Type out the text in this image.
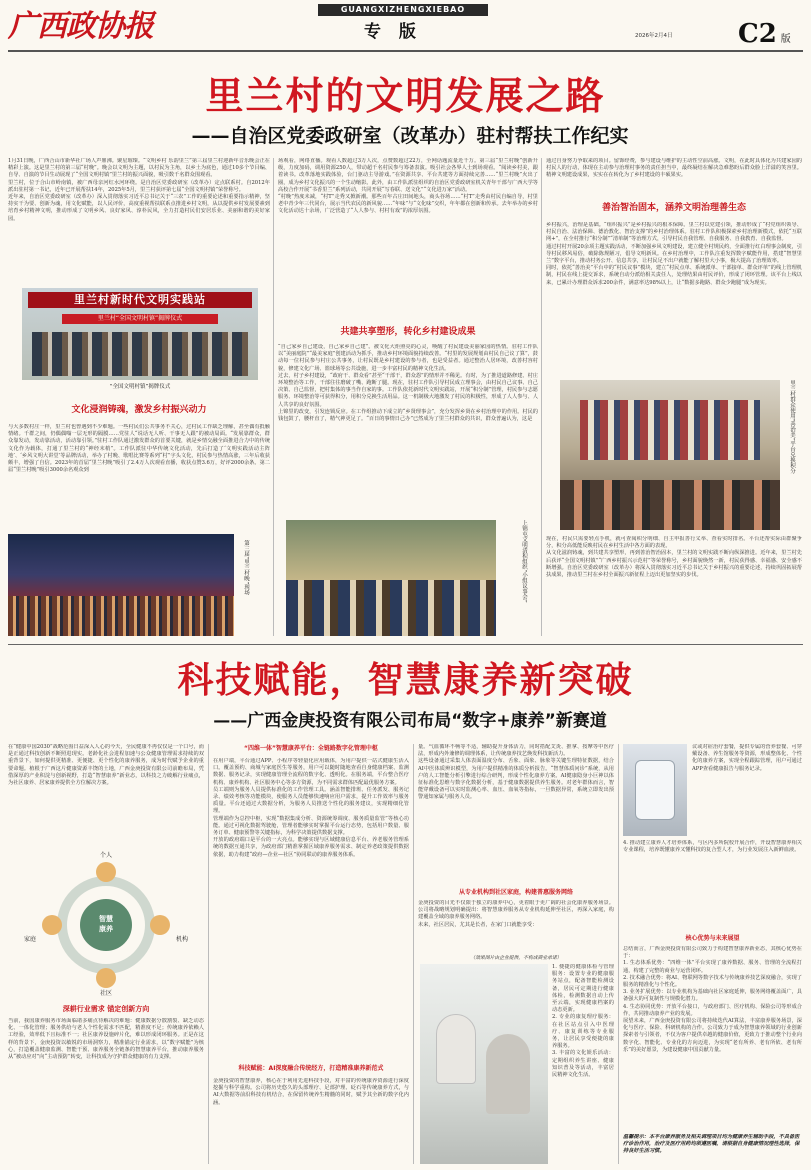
广西政协报	GUANGXIZHENGXIEBAO
专 版	2026年2月4日	C2 版
里兰村的文明发展之路
——自治区党委政研室（改革办）驻村帮扶工作纪实

1月31日晚，广西合山市新华社广场人声鼎沸。聚星璀璨。“文明乡村 乐韵里兰”第三届里兰村迎新年音乐晚会正在精彩上演。这是里兰村的第三届“村晚”。晚会以文明为主题，以村民为主角，以乡土为底色，通过10多个节目编、自导、自演的节目生动展现了“全国文明村镇”里兰村的振兴面貌，吸引数千名群众围观看。

里兰村，位于合山市岭南镇，被广西母亲河红水河环绕。是自治区党委政研室（改革办）定点联系村。自2012年派出驻村第一书记，近年已开展帮扶14年，2025年5月，里兰村获评第七届“全国文明村镇”荣誉称号。

近年来，自治区党委政研室（改革办）深入贯彻落实习近平总书记关于“三农”工作的重要论述和重要指示精神，坚持实干为要、创新为魂，用文化赋能，以人民评价，高度重视帮扶联系点推进乡村文明，从以提供乡村发展要素到培育乡村精神文明，推动形成了文明乡风、良好家风、淳朴民风，全力打造村民们安居乐业、美丽和谐的美好家园。

里兰村新时代文明实践站
里兰村“全国文明村镇”揭牌仪式
“全国文明村镇”揭牌仪式
文化浸润铸魂，激发乡村振兴动力
与大多数村庄一样，里兰村也曾遇到不少难题。一些村民们公共事务不关心，过村民工作缺乏理解，甚至偶有抵触情绪。千群之间，仍偶偶嗡一层无形的隔膜……党驻人“说话无人听、干事无人跟”的被动局面。“发展靠群众，群众靠发动，发动靠活动，活动靠引领。”驻村工作队通过激发群众的首要关键，就是乡情交融全面推进合力中的传统文化作为载体，打通了里兰村的“神经末梢”。工作队派驻中华传统文化活动，先后打造了‘文明实践活动主阵地’、‘乡风文明大讲堂’等品牌活动，举办了村晚、歌唱比赛等系列“村”字头文化，村民参与热情高涨，三年后收获颇丰，增强了自信。2023年的首届“里兰村晚”吸引了2.4万人次观看直播，收获点赞3.6万，好评2000余条。第二届“里兰村晚”吸引3000余名观众到
第三届“里兰村晚”现场

场观看，网络直播。观看人数超过3万人次，点赞数超过22万，全网话题流量近千万。第三届“里兰村晚”创新升级，力度加码，调用资源250人，带动超千名村民参与筹备表演。吸引社会各界人士到场观看。“阅读乡村美，跟着读书。改革落地实践体验，台门驱动主导游戏。”在资源共享、平台共建等方面持续完善……“里兰村晚”火出了圈，成为乡村文化振兴的一个生动缩影。此外，由工作队派驻组织的自治区党委政研室机关青年干部与广西大学等高校合作开展“书香里兰”系列活动，共同开展“写春联、送文化”“文化进万家”活动。

“村晚”热度未减，“村T”走秀又掀新潮。那些百年古庄田间地头，商头谷场……“村T”走秀由村民自编自导，村里老中青少年三代同台，展示当代农民的新风貌……“年味”与“文化味”交织，年年都在创新和传承。去年举办的乡村文化活动达十余场，广泛营造了“人人参与、村村有戏”的浓厚氛围。

共建共享塑形，转化乡村建设成果

“自己家乡自己建设，自己家乡自己建”。被文化大炬照亮的心灵，唤醒了村民建设美丽家园的热情。驻村工作队以“美丽庭院”“最美家庭”创建活动为抓手，推动乡村环境面貌持续改善。“村里的发展规划由村民自己议了算”，鼓动每一位村民参与村庄公共事务，让村民既是乡村建设的参与者，也是受益者。通过整治人居环境，改善村容村貌，修建文化广场、篮球场等公共设施，进一步丰富村民的精神文化生活。

过去，村子乡村建设，“政府干、群众看”甚至“干部干，群众怨”的情形并不稀见。有时，为了推进道路修建、村庄环境整治等工作，干部往往磨破了嘴、跑断了腿。现在，驻村工作队引导村民成立理事会，由村民自己议事、自己决策、自己监督，把村集体的事当作自家的事。工作队依托新时代文明实践站，开展“积分制”管理，村民参与志愿服务、环境整治等可获得积分，用积分兑换生活用品。这一机制极大地激发了村民的积极性，形成了人人参与、人人共享的良好氛围。

上锦里的改变，引发连锁反应。在工作组推动下成立的“乡贤理事会”，充分发挥乡贤在乡村治理中的作用。村民的钱包鼓了，腰杆直了，精气神更足了。“百日的事情日己办”已然成为了里兰村群众的共识，群众普遍认为，这是

上锦屯文明清积组织“小组议事会”
通过自身努力争取来的项目。留饰经费，参与建设与维护的主动性空前高涨。文明，在此时具体化为共建家园的村民人的行动，体现在主动参与治理村事务的责任担当中，最终凝结在解决急难愁盼后群众脸上洋溢的笑容里。精神文明建设成果，实实在在转化为了乡村建设的丰硕果实。
善治智治固本，涵养文明治理善生态

乡村振兴，治理是基础。“组织振兴”是乡村振兴的根本保障。里兰村以党建引领，推动形成了“村党组织领导、村民自治、法治保障、德治教化、智治支撑”的乡村治理体系。驻村工作队积极探索乡村治理新模式，依托“互联网+”，在全村推行“积分制”“清单制”等治理方式，引导村民自我管理、自我服务、自我教育、自我监督。

通过村村开展20余项主题实践活动，不断加强乡风文明建设，建立健全村规民约，全面推行红白理事会制度，引导村民移风易俗，破除陈规陋习，倡导文明新风。在乡村治理中，工作队注重发挥数字赋能作用，搭建“智慧里兰”数字平台，推动村务公开、信息共享，让村民足不出户就能了解村里大小事，极大提高了治理效率。

同时，依托“善治美”平台中的“村民议事”模块，建立“村民点单、系统派单、干部接单、群众评单”的线上管理机制，村民在线上提交诉求，系统自动分派给相关责任人，处理结果由村民评价，形成了闭环管理。该平台上线以来，已累计办理群众诉求200余件，满意率达98%以上，让“数据多跑路、群众少跑腿”成为现实。

里兰村群众使用“善治美”平台兑换积分

现在，村民只需要轻点手机，就可查阅积分明细、自主申报善行义举、查看实时排名。平台还帮实际由群聚争分，积分高低能反映村民在乡村生活中各方面的表现。

从文化滋润铸魂，到共建共享塑形，再到善治智治固本，里兰村的文明实践不断向纵深推进。近年来，里兰村先后获评“全国文明村镇”“广西乡村振兴示范村”等荣誉称号，乡村面貌焕然一新，村民获得感、幸福感、安全感不断增强。自治区党委政研室（改革办）将深入贯彻落实习近平总书记关于乡村振兴的重要论述，持续巩固拓展帮扶成果，推动里兰村在乡村全面振兴新征程上迈出更加坚实的步伐。

科技赋能，智慧康养新突破
——广西金庚投资有限公司布局“数字+康养”新赛道
在“健康中国2030”战略范围日益深入人心的今天，全民健康不再仅仅是一个口号，而是正通过科技创新不断照进现实。老龄化社会进程加速与公众健康管理需求持续的双重背景下，如何提供更精准、更便捷、更个性化的康养服务，成为时代赋予企业的重要命题。植根于广西这片健康资源丰饶的土地，广西金庚投资有限公司前瞻布局，凭借深厚的产业积淀与创新视野，打造“智慧康养”新业态，以科技之力破解行业痛点，为社区康养、居家康养提供全方位解决方案。
个人
家庭	机构
社区
智慧
康养
深耕行业需求 锚定创新方向
当前，我国康养服务市场面临诸多痛点待解决的难题：健康数据分散割裂、缺乏动态化、一体化管理；服务供给与老人个性化需求不匹配，精准度不足；传统康养依赖人工经验，效率低下且标准不一；社区康养设施碎片化，难以形成闭环服务。正是在这样的背景下，金庚投资以敏锐的市场洞察力，精准锚定行业需求，以“数字赋能”为核心，打造覆盖健康监测、智能干预、康养服务全链条的智慧康养平台，推动康养服务从“被动应对”向“主动预防”转变，让科技成为守护群众健康的有力支撑。
“四维一体”智慧康养平台：全链路数字化管理中枢

在用户端，平台通过APP、小程序等轻量化应用载体，为用户提供一站式健康生活入口。覆盖预约、商城与家庭医生等服务，用户可以随时随地查看自身健康档案、监测数据、服务记录，实现健康管理全流程的数字化、透明化。在服务端，平台整合医疗机构、康养机构、社区服务中心等多方资源，为不同需求群体匹配最优服务方案。

员工端则为服务人员提供标准化的工作管理工具。涵盖智能排班、任务派发、服务记录、绩效考核等功能模块，使服务人员能够快速响应用户需求，提升工作效率与服务质量。平台还通过大数据分析，为服务人员推送个性化的服务建议，实现精细化管理。

管理端作为总控中枢，实现“数据集成分析、资源统筹调度、服务质量监管”等核心功能。通过可视化数据驾驶舱，管理者能够实时掌握平台运行态势，包括用户数量、服务订单、健康预警等关键指标，为科学决策提供数据支撑。

开放的政府端口是平台的一大亮点。能够实现与区域健康信息平台、养老服务管理系统的数据互通共享，为政府部门精准掌握区域康养服务需求、制定养老政策提供数据依据，助力构建“政府—企业—社区”协同联动的康养服务体系。

科技赋能：AI深度融合传统经方，打造精准康养新范式
金庚投资的智慧康养，核心在于利用先进科技手段，对丰富的传统康养资源进行深度挖掘与科学重构。公司将历史悠久的头部理疗、足部护理、砭石等传统康养方式，与AI大数据等前沿科技有机结合，在保留传统养生精髓的同时，赋予其全新的数字化内涵。

量。气血循环不畅等不适，辅助提升身体活力，同时搭配艾灸、推拿、按摩等中医疗法，形成内外兼修的调理体系，让传统康养技艺焕发科技新活力。

这些设备通过采集人体表面温度分布、舌象、面象、脉象等关键生理特征数据，结合AI中医体质辨识模型，为用户提供精准的体质分析报告。“智慧体质问诊”系统，从用户的人工智能分析引擎进行综合研判，形成个性化康养方案。AI健康隐身小巨神以体征标准化思维与数字化数据分析，基于健康数据提供养生服务。对老年群体而言，智能穿戴设备可以实时监测心率、血压、血氧等指标，一旦数据异常，系统立即发出预警通知家属与服务人员。

从专业机构到社区家庭，构建普惠服务网络

金庚投资的目光不仅限于独立的康养中心，更着眼于更广阔的社会化康养服务场景。公司将战略规划明确提出：将智慧康养服务从专业机构延伸至社区，再深入家庭，构建覆盖全域的康养服务网络。

未来，社区居民，尤其是长者，在家门口就能享受：

1. 便捷的健康体检与管理服务：设置专业的健康服务站点，配备智能检测设备，居民可定期进行健康体检，检测数据自动上传至云端，实现健康档案的动态更新。

2. 专业的康复理疗服务：在社区站点引入中医理疗、康复训练等专业服务，让居民享受便捷的康养服务。

3. 丰富的文化娱乐活动：定期组织养生讲座、健康知识普及等活动，丰富居民精神文化生活。

（效果图片由企业提供，不构成商业承诺）
议或对症治疗套餐，提供专属的营养套餐、可穿戴设备、养生馆服务等资源，形成整体化、个性化的康养方案，实现全程跟踪管理，用户可通过APP查看健康报告与服务记录。
4. 推动建立康养人才培养体系，与区内多所院校开展合作，开设智慧康养相关专业课程，培养既懂康养又懂科技的复合型人才，为行业发展注入新鲜血液。
核心优势与未来展望

总结而言，广西金庚投资有限公司致力于构建智慧康养新业态，其核心优势在于：

1. 生态体系优势：“四维一体”平台实现了康养数据、服务、管理的全流程打通，构建了完整的商业与运营闭环。

2. 技术融合优势：将AI、物联网等数字技术与传统康养技艺深度融合，实现了服务的精准化与个性化。

3. 业务扩展优势：以专业机构为基础向社区家庭延伸，服务网络覆盖面广，具备强大的可复制性与规模化潜力。

4. 生态协同优势：开放平台接口，与政府部门、医疗机构、保险公司等形成合作，共同推动康养产业的发展。

展望未来，广西金庚投资有限公司将持续迭代AI算法，丰富康养服务场景，深化与医疗、保险、科研机构的合作。公司致力于成为智慧康养领域的行业创新探索者与引领者，不仅为客户提供卓越的健康价值，更致力于推动整个行业向数字化、智能化、专业化的方向迈进，为实现“老有所养、老有所依、老有所乐”的美好愿景，为建设健康中国贡献力量。

温馨提示：本平台康养服务及相关调理项目均为健康养生辅助手段，不具备医疗诊治作用，治疗及医疗用药均须遵医嘱，请根据自身健康情况理性选择，保持良好生活习惯。
